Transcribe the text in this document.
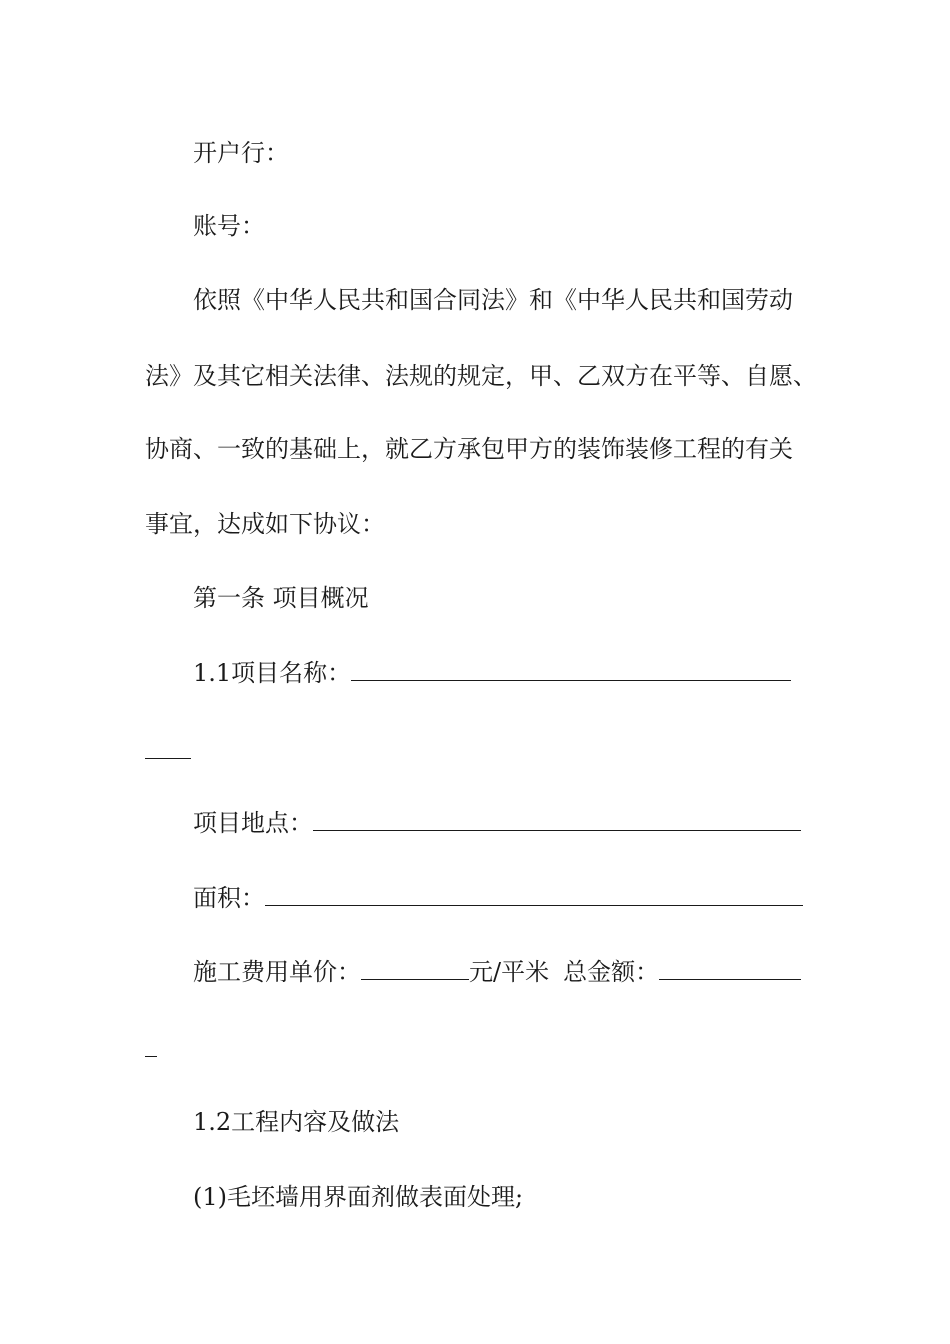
开户行：
账号：
依照《中华人民共和国合同法》和《中华人民共和国劳动
法》及其它相关法律、法规的规定，甲、乙双方在平等、自愿、
协商、一致的基础上，就乙方承包甲方的装饰装修工程的有关
事宜，达成如下协议：
第一条 项目概况
1.1项目名称：
项目地点：
面积：
施工费用单价：	元/平米 总金额：
1.2工程内容及做法
(1)毛坯墙用界面剂做表面处理;
